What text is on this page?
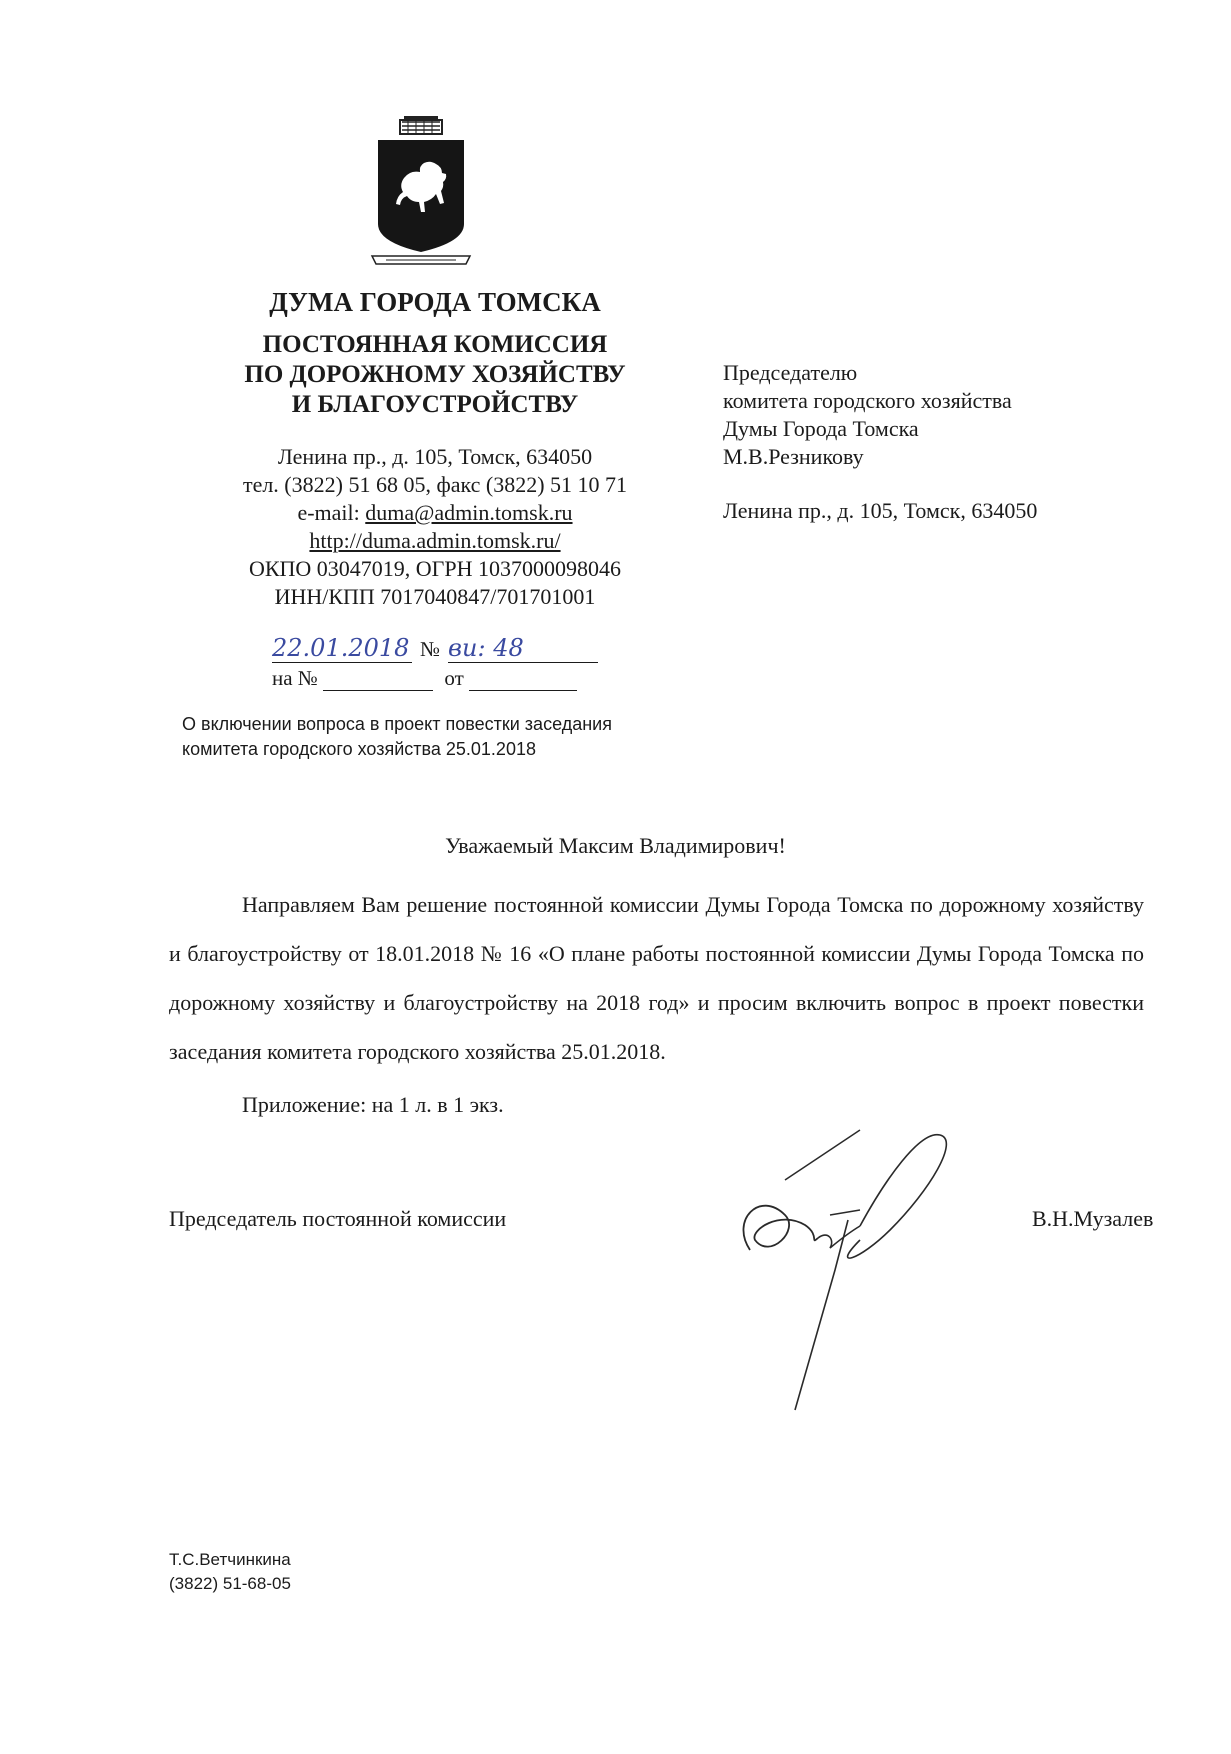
ДУМА ГОРОДА ТОМСКА
ПОСТОЯННАЯ КОМИССИЯ
ПО ДОРОЖНОМУ ХОЗЯЙСТВУ
И БЛАГОУСТРОЙСТВУ
Ленина пр., д. 105, Томск, 634050
тел. (3822) 51 68 05, факс (3822) 51 10 71
e-mail: duma@admin.tomsk.ru
http://duma.admin.tomsk.ru/
ОКПО 03047019, ОГРН 1037000098046
ИНН/КПП 7017040847/701701001
22.01.2018 № ви: 48
на №	от
О включении вопроса в проект повестки заседания
комитета городского хозяйства 25.01.2018
Председателю
комитета городского хозяйства
Думы Города Томска
М.В.Резникову
Ленина пр., д. 105, Томск, 634050
Уважаемый Максим Владимирович!
Направляем Вам решение постоянной комиссии Думы Города Томска по дорожному хозяйству и благоустройству от 18.01.2018 № 16 «О плане работы постоянной комиссии Думы Города Томска по дорожному хозяйству и благоустройству на 2018 год» и просим включить вопрос в проект повестки заседания комитета городского хозяйства 25.01.2018.
Приложение: на 1 л. в 1 экз.
Председатель постоянной комиссии	В.Н.Музалев
Т.С.Ветчинкина
(3822) 51-68-05
